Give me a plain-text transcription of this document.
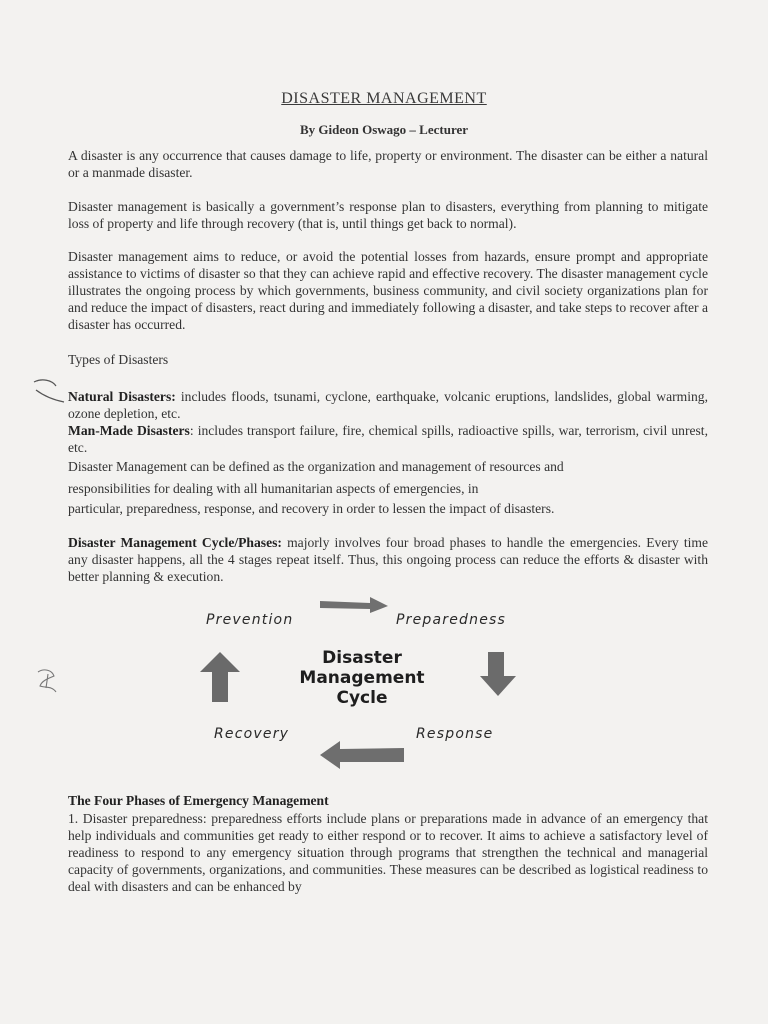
DISASTER MANAGEMENT
By Gideon Oswago – Lecturer

A disaster is any occurrence that causes damage to life, property or environment. The disaster can be either a natural or a manmade disaster.

Disaster management is basically a government’s response plan to disasters, everything from planning to mitigate loss of property and life through recovery (that is, until things get back to normal).

Disaster management aims to reduce, or avoid the potential losses from hazards, ensure prompt and appropriate assistance to victims of disaster so that they can achieve rapid and effective recovery. The disaster management cycle illustrates the ongoing process by which governments, business community, and civil society organizations plan for and reduce the impact of disasters, react during and immediately following a disaster, and take steps to recover after a disaster has occurred.

Types of Disasters

Natural Disasters: includes floods, tsunami, cyclone, earthquake, volcanic eruptions, landslides, global warming, ozone depletion, etc.

Man-Made Disasters: includes transport failure, fire, chemical spills, radioactive spills, war, terrorism, civil unrest, etc.

Disaster Management can be defined as the organization and management of resources and
responsibilities for dealing with all humanitarian aspects of emergencies, in
particular, preparedness, response, and recovery in order to lessen the impact of disasters.

Disaster Management Cycle/Phases: majorly involves four broad phases to handle the emergencies. Every time any disaster happens, all the 4 stages repeat itself. Thus, this ongoing process can reduce the efforts & disaster with better planning & execution.

Prevention	Preparedness
Recovery	Response
Disaster
Management
Cycle
The Four Phases of Emergency Management

1. Disaster preparedness: preparedness efforts include plans or preparations made in advance of an emergency that help individuals and communities get ready to either respond or to recover. It aims to achieve a satisfactory level of readiness to respond to any emergency situation through programs that strengthen the technical and managerial capacity of governments, organizations, and communities. These measures can be described as logistical readiness to deal with disasters and can be enhanced by
